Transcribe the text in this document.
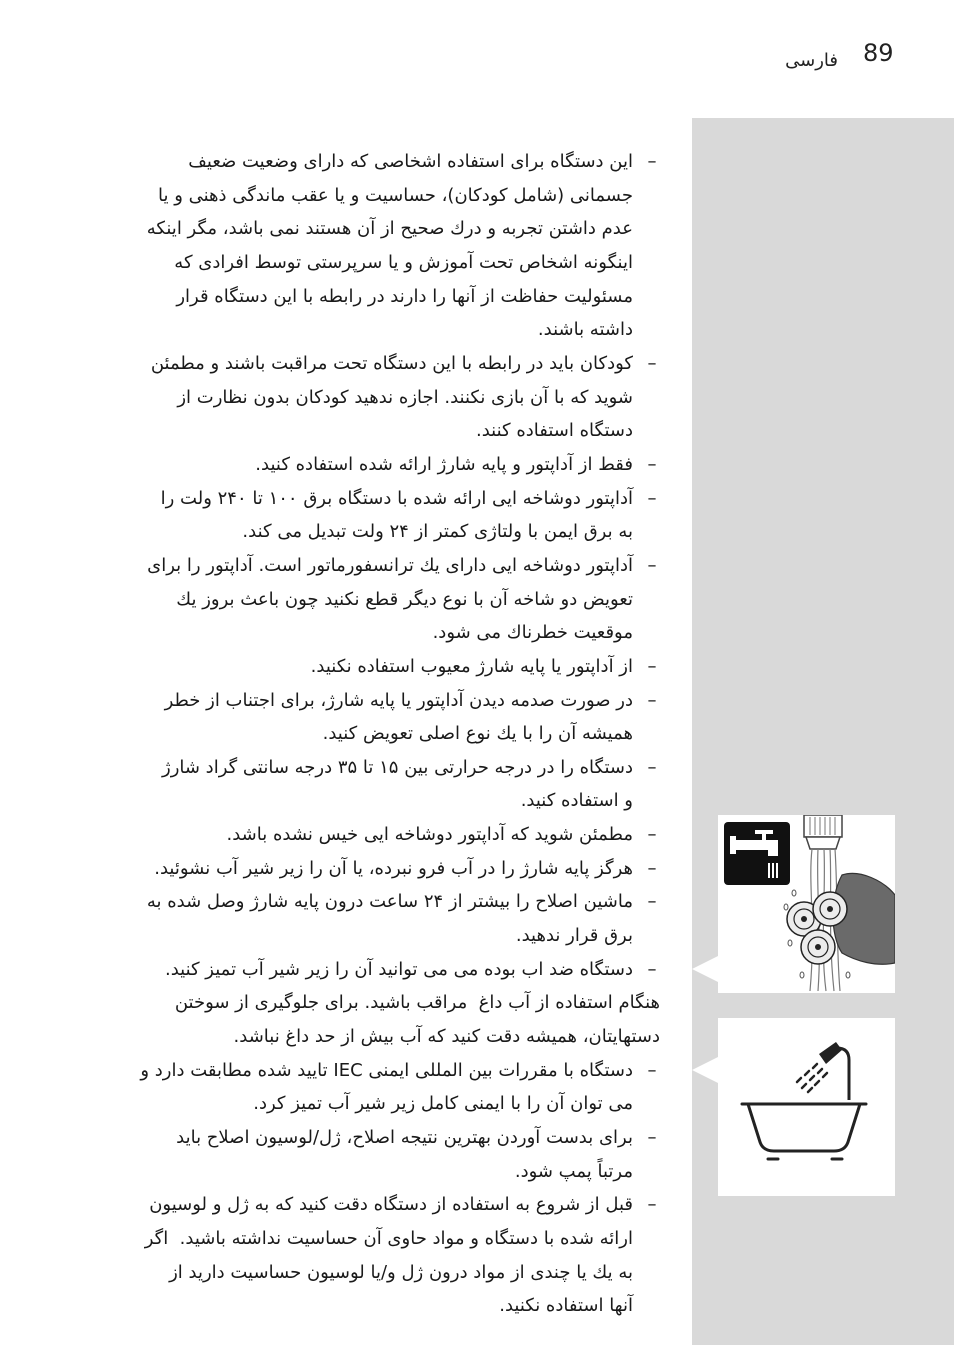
89
فارسی
–
این دستگاه برای استفاده اشخاصی که دارای وضعیت ضعیف
جسمانی (شامل کودکان)، حساسیت و یا عقب ماندگی ذهنی و یا
عدم داشتن تجربه و درك صحیح از آن هستند نمی باشد، مگر اینکه
اینگونه اشخاص تحت آموزش و یا سرپرستی توسط افرادی که
مسئولیت حفاظت از آنها را دارند در رابطه با این دستگاه قرار
داشته باشند.
–
کودکان باید در رابطه با این دستگاه تحت مراقبت باشند و مطمئن
شوید که با آن بازی نکنند. اجازه ندهید کودکان بدون نظارت از
دستگاه استفاده کنند.
–
فقط از آداپتور و پایه شارژ ارائه شده استفاده کنید.
–
آداپتور دوشاخه ایی ارائه شده با دستگاه برق ۱۰۰ تا ۲۴۰ ولت را
به برق ایمن با ولتاژی کمتر از ۲۴ ولت تبدیل می کند.
–
آداپتور دوشاخه ایی دارای یك ترانسفورماتور است. آداپتور را برای
تعویض دو شاخه آن با نوع دیگر قطع نکنید چون باعث بروز یك
موقعیت خطرناك می شود.
–
از آداپتور یا پایه شارژ معیوب استفاده نکنید.
–
در صورت صدمه دیدن آداپتور یا پایه شارژ، برای اجتناب از خطر
همیشه آن را با یك نوع اصلی تعویض کنید.
–
دستگاه را در درجه حرارتی بین ۱۵ تا ۳۵ درجه سانتی گراد شارژ
و استفاده کنید.
–
مطمئن شوید که آداپتور دوشاخه ایی خیس نشده باشد.
–
هرگز پایه شارژ را در آب فرو نبرده، یا آن را زیر شیر آب نشوئید.
–
ماشین اصلاح را بیشتر از ۲۴ ساعت درون پایه شارژ وصل شده به
برق قرار ندهید.
–
دستگاه ضد اب بوده می می توانید آن را زیر شیر آب تمیز کنید.
هنگام استفاده از آب داغ  مراقب باشید. برای جلوگیری از سوختن
دستهایتان، همیشه دقت کنید که آب بیش از حد داغ نباشد.
–
دستگاه با مقررات بین المللی ایمنی IEC تایید شده مطابقت دارد و
می توان آن را با ایمنی کامل زیر شیر آب تمیز کرد.
–
برای بدست آوردن بهترین نتیجه اصلاح، ژل/لوسیون اصلاح باید
مرتباً پمپ شود.
–
قبل از شروع به استفاده از دستگاه دقت کنید که به ژل و لوسیون
ارائه شده با دستگاه و مواد حاوی آن حساسیت نداشته باشید.  اگر
به یك یا چندی از مواد درون ژل و/یا لوسیون حساسیت دارید از
آنها استفاده نکنید.
